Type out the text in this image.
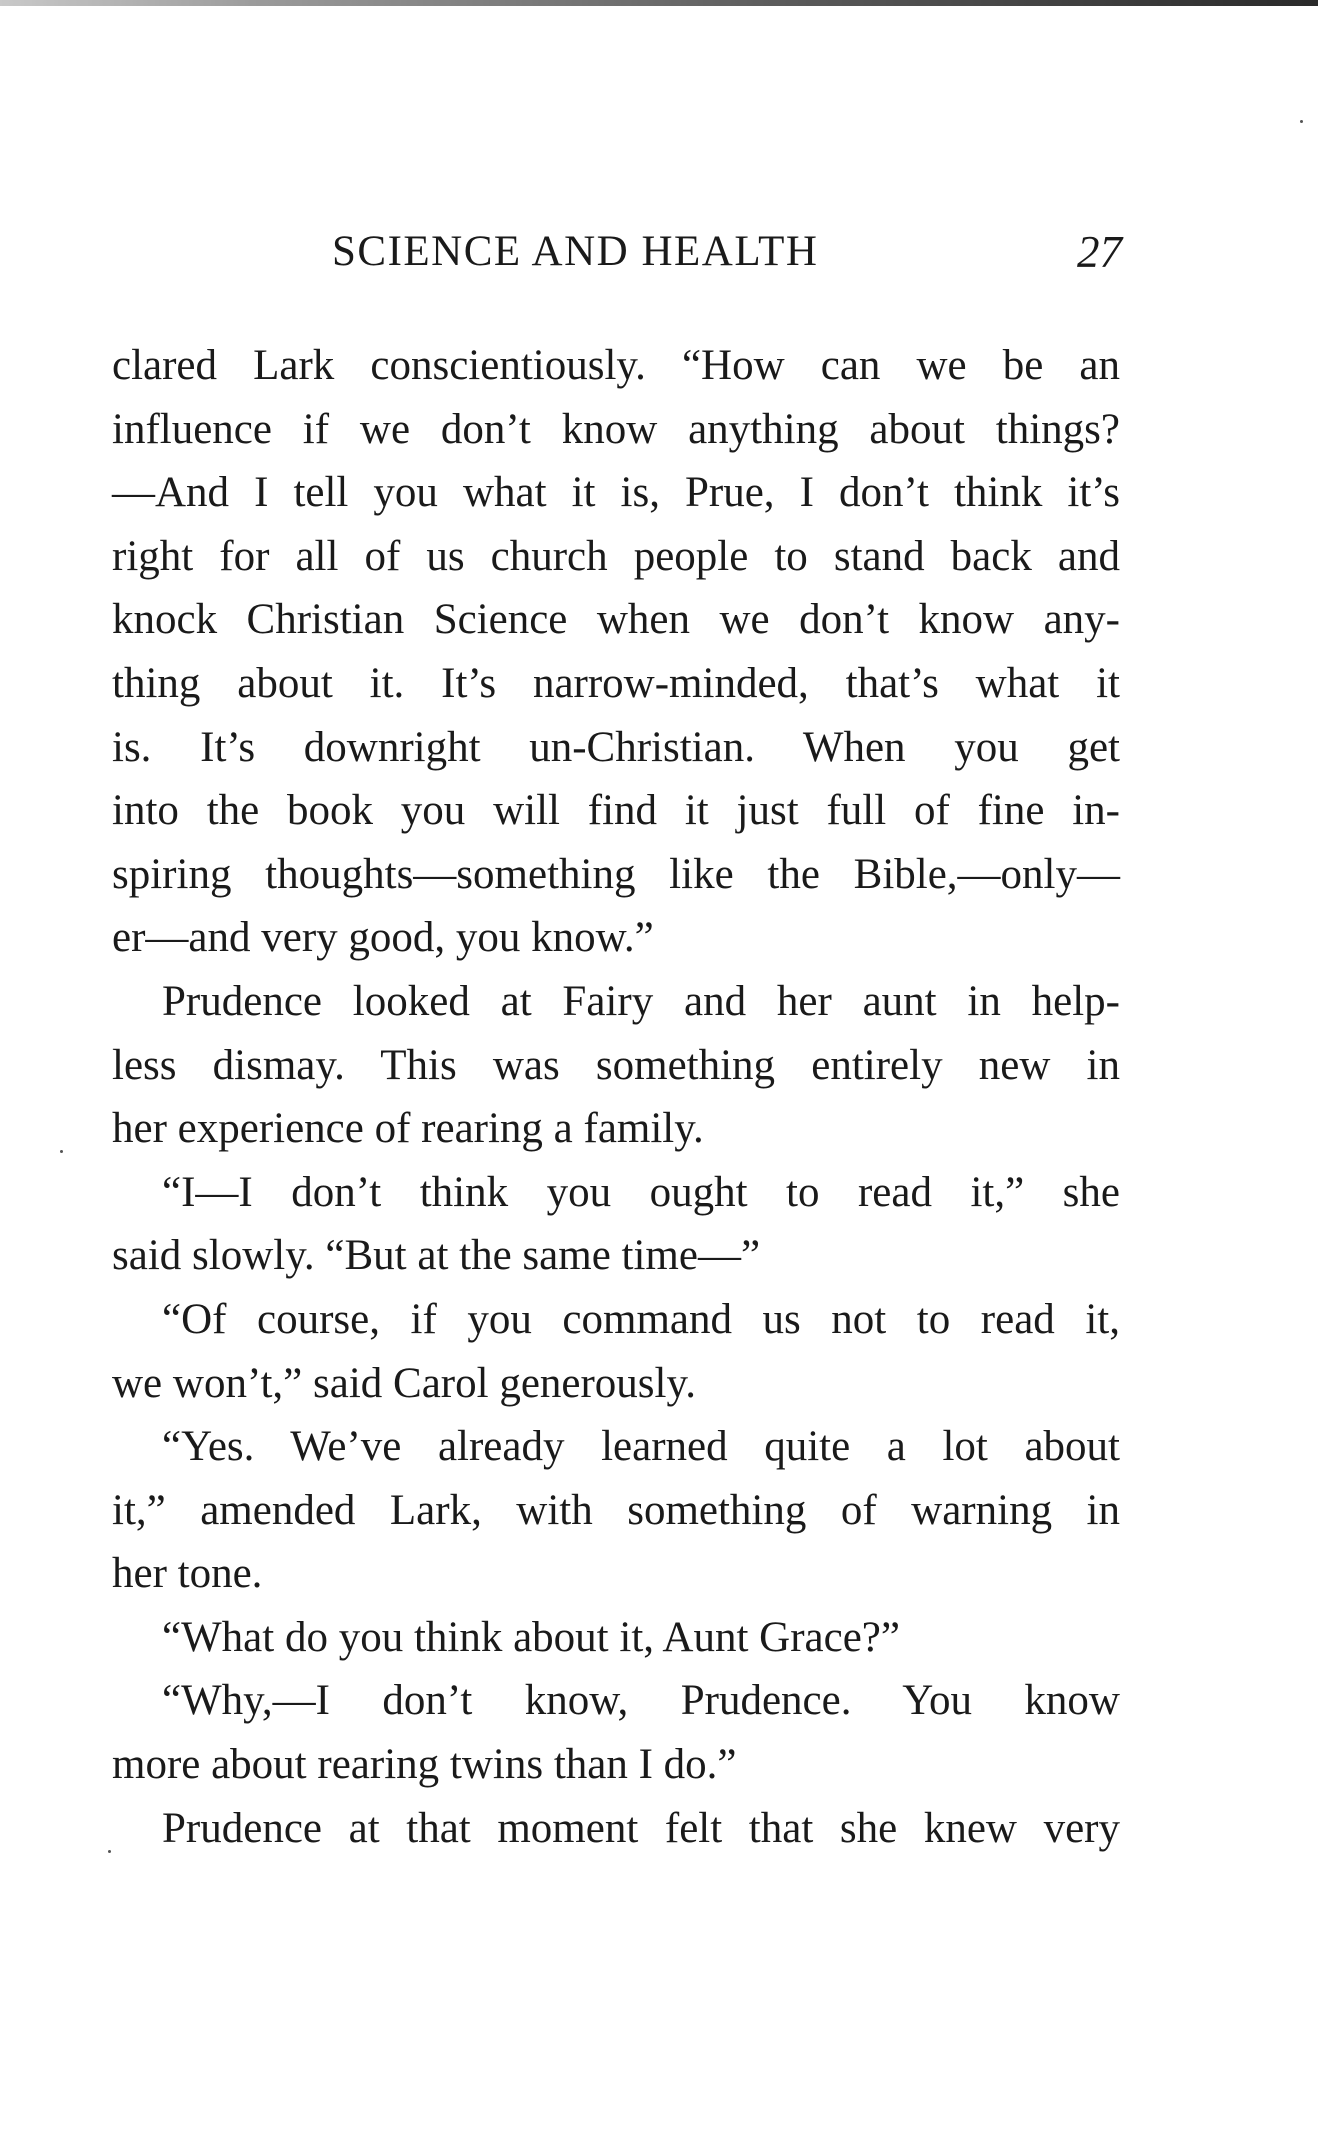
SCIENCE AND HEALTH	27
clared Lark conscientiously. “How can we be an
influence if we don’t know anything about things?
—And I tell you what it is, Prue, I don’t think it’s
right for all of us church people to stand back and
knock Christian Science when we don’t know any-
thing about it. It’s narrow-minded, that’s what it
is. It’s downright un-Christian. When you get
into the book you will find it just full of fine in-
spiring thoughts—something like the Bible,—only—
er—and very good, you know.”
Prudence looked at Fairy and her aunt in help-
less dismay. This was something entirely new in
her experience of rearing a family.
“I—I don’t think you ought to read it,” she
said slowly. “But at the same time—”
“Of course, if you command us not to read it,
we won’t,” said Carol generously.
“Yes. We’ve already learned quite a lot about
it,” amended Lark, with something of warning in
her tone.
“What do you think about it, Aunt Grace?”
“Why,—I don’t know, Prudence. You know
more about rearing twins than I do.”
Prudence at that moment felt that she knew very
